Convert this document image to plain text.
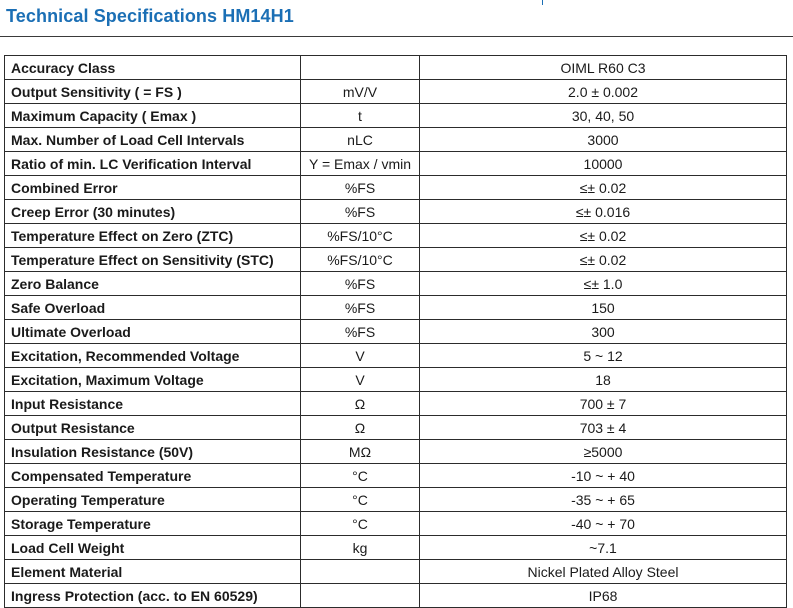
Technical Specifications HM14H1
Accuracy Class		OIML R60 C3
Output Sensitivity ( = FS )	mV/V	2.0 ± 0.002
Maximum Capacity ( Emax )	t	30, 40, 50
Max. Number of Load Cell Intervals	nLC	3000
Ratio of min. LC Verification Interval	Y = Emax / vmin	10000
Combined Error	%FS	≤± 0.02
Creep Error (30 minutes)	%FS	≤± 0.016
Temperature Effect on Zero (ZTC)	%FS/10°C	≤± 0.02
Temperature Effect on Sensitivity (STC)	%FS/10°C	≤± 0.02
Zero Balance	%FS	≤± 1.0
Safe Overload	%FS	150
Ultimate Overload	%FS	300
Excitation, Recommended Voltage	V	5 ~ 12
Excitation, Maximum Voltage	V	18
Input Resistance	Ω	700 ± 7
Output Resistance	Ω	703 ± 4
Insulation Resistance (50V)	MΩ	≥5000
Compensated Temperature	°C	-10 ~ + 40
Operating Temperature	°C	-35 ~ + 65
Storage Temperature	°C	-40 ~ + 70
Load Cell Weight	kg	~7.1
Element Material		Nickel Plated Alloy Steel
Ingress Protection (acc. to EN 60529)		IP68
